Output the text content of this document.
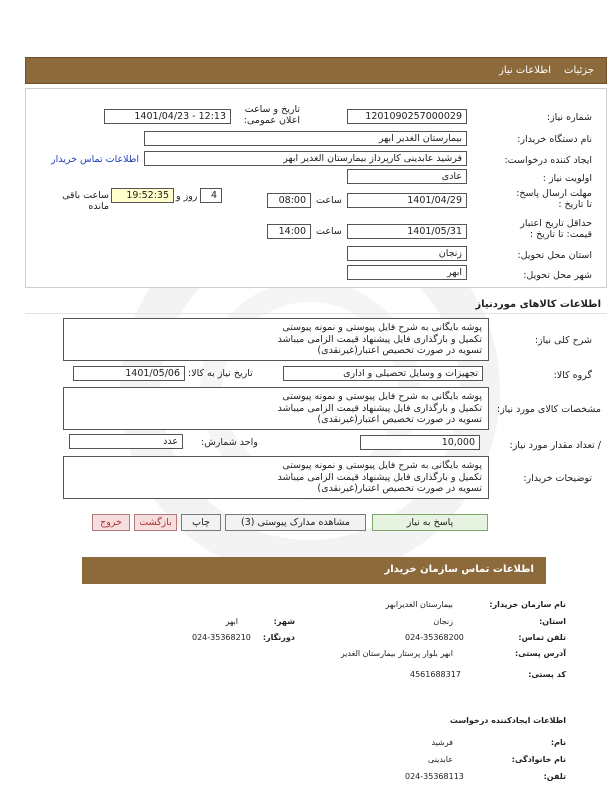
جزئیات
اطلاعات نیاز
شماره نیاز:
1201090257000029
تاریخ و ساعت اعلان عمومی:
1401/04/23 - 12:13
نام دستگاه خریدار:
بیمارستان الغدیر ابهر
ایجاد کننده درخواست:
فرشید عابدینی کارپرداز بیمارستان الغدیر ابهر
اطلاعات تماس خریدار
اولویت نیاز :
عادی
مهلت ارسال پاسخ: تا تاریخ :
1401/04/29
ساعت
08:00
4
روز و
19:52:35
ساعت باقی مانده
حداقل تاریخ اعتبار قیمت: تا تاریخ :
1401/05/31
ساعت
14:00
استان محل تحویل:
زنجان
شهر محل تحویل:
ابهر
اطلاعات کالاهای موردنیاز
شرح کلی نیاز:
پوشه بایگانی به شرح فایل پیوستی و نمونه پیوستی
تکمیل و بارگذاری فایل پیشنهاد قیمت الزامی میباشد
تسویه در صورت تخصیص اعتبار(غیرنقدی)
گروه کالا:
تجهیزات و وسایل تحصیلی و اداری
تاریخ نیاز به کالا:
1401/05/06
مشخصات کالای مورد نیاز:
پوشه بایگانی به شرح فایل پیوستی و نمونه پیوستی
تکمیل و بارگذاری فایل پیشنهاد قیمت الزامی میباشد
تسویه در صورت تخصیص اعتبار(غیرنقدی)
/ تعداد مقدار مورد نیاز:
10,000
واحد شمارش:
عدد
توضیحات خریدار:
پوشه بایگانی به شرح فایل پیوستی و نمونه پیوستی
تکمیل و بارگذاری فایل پیشنهاد قیمت الزامی میباشد
تسویه در صورت تخصیص اعتبار(غیرنقدی)
پاسخ به نیاز
مشاهده مدارک پیوستی (3)
چاپ
بازگشت
خروج
اطلاعات تماس سازمان خریدار
نام سازمان خریدار:
بیمارستان الغدیرابهر
استان:
زنجان
شهر:
ابهر
تلفن تماس:
024-35368200
دورنگار:
024-35368210
آدرس پستی:
ابهر بلوار پرستار بیمارستان الغدیر
کد پستی:
4561688317
اطلاعات ایجادکننده درخواست
نام:
فرشید
نام خانوادگی:
عابدینی
تلفن:
024-35368113
